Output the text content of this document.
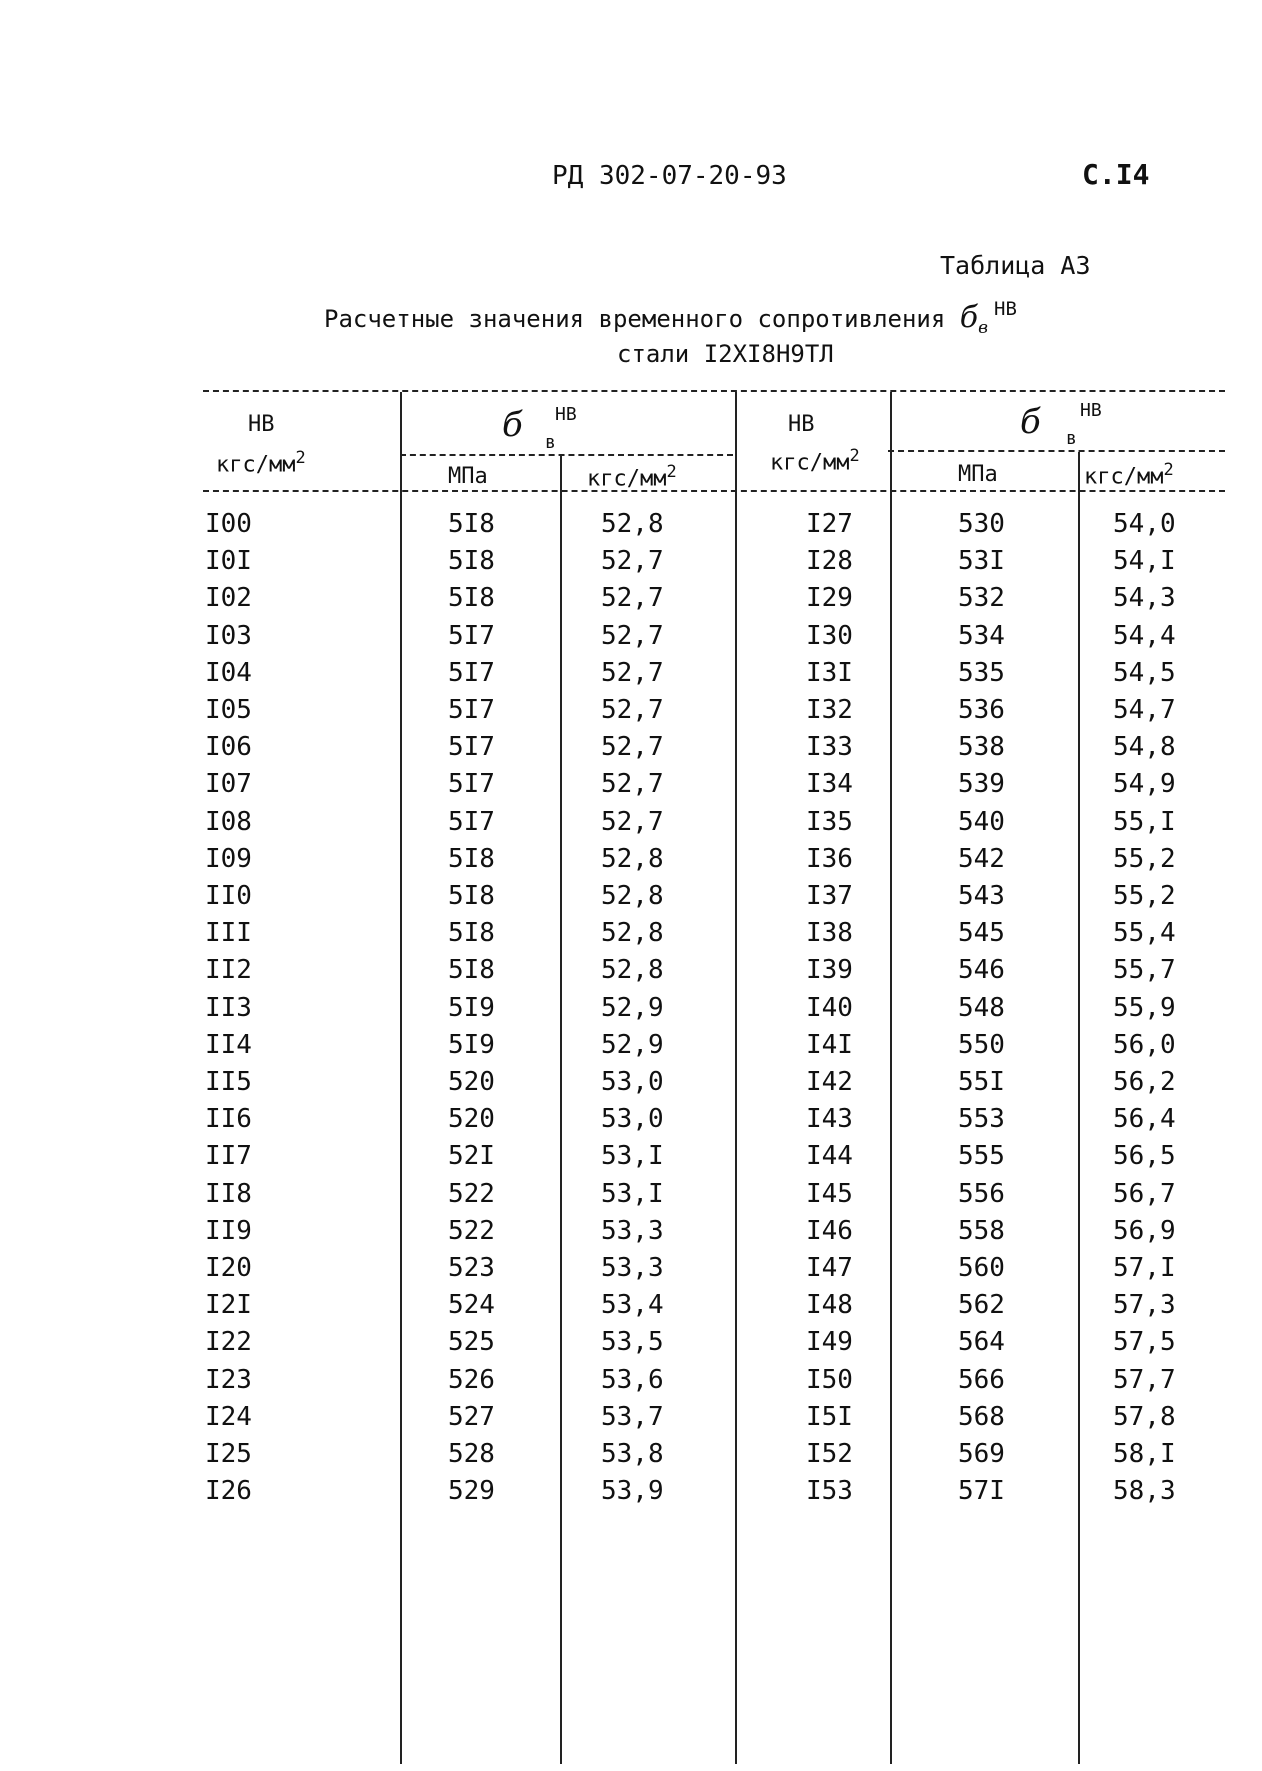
РД 302-07-20-93	С.I4
Таблица А3
Расчетные значения временного сопротивления $б_в^{НВ}$
стали I2ХI8Н9ТЛ
НВ
кгс/$мм^2$
б в
НВ
МПа	кгс/$мм^2$
НВ
кгс/$мм^2$
б в
НВ
МПа	кгс/$мм^2$
I00	5I8	52,8	I27	530	54,0
I0I	5I8	52,7	I28	53I	54,I
I02	5I8	52,7	I29	532	54,3
I03	5I7	52,7	I30	534	54,4
I04	5I7	52,7	I3I	535	54,5
I05	5I7	52,7	I32	536	54,7
I06	5I7	52,7	I33	538	54,8
I07	5I7	52,7	I34	539	54,9
I08	5I7	52,7	I35	540	55,I
I09	5I8	52,8	I36	542	55,2
II0	5I8	52,8	I37	543	55,2
III	5I8	52,8	I38	545	55,4
II2	5I8	52,8	I39	546	55,7
II3	5I9	52,9	I40	548	55,9
II4	5I9	52,9	I4I	550	56,0
II5	520	53,0	I42	55I	56,2
II6	520	53,0	I43	553	56,4
II7	52I	53,I	I44	555	56,5
II8	522	53,I	I45	556	56,7
II9	522	53,3	I46	558	56,9
I20	523	53,3	I47	560	57,I
I2I	524	53,4	I48	562	57,3
I22	525	53,5	I49	564	57,5
I23	526	53,6	I50	566	57,7
I24	527	53,7	I5I	568	57,8
I25	528	53,8	I52	569	58,I
I26	529	53,9	I53	57I	58,3
